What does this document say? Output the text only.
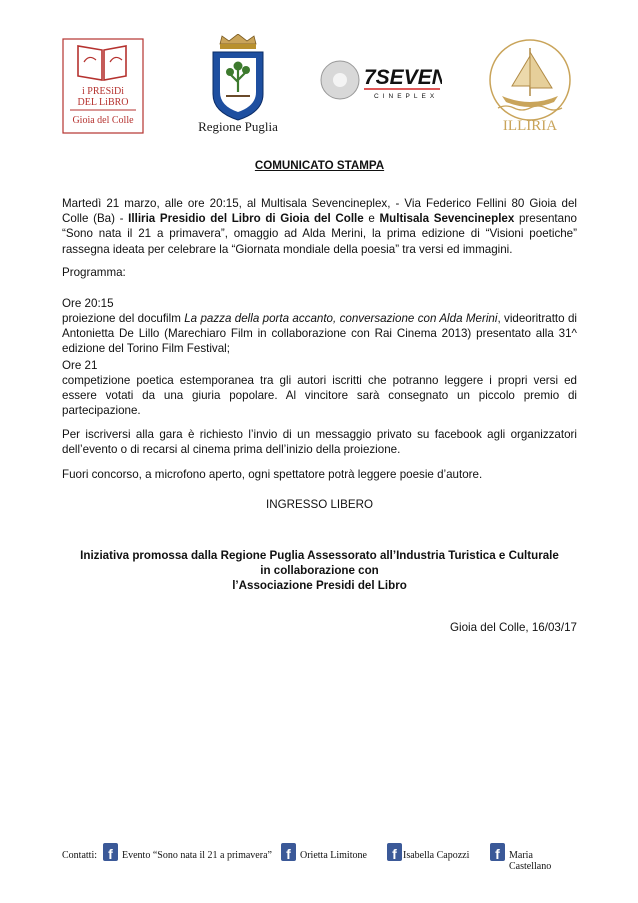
i PRESiDi
DEL LiBRO
Gioia del Colle	Regione Puglia
7SEVEN
CINEPLEX
ILLIRIA
COMUNICATO STAMPA
Martedì 21 marzo, alle ore 20:15, al Multisala Sevencineplex, - Via Federico Fellini 80 Gioia del Colle (Ba) - Illiria Presidio del Libro di Gioia del Colle e Multisala Sevencineplex presentano “Sono nata il 21 a primavera”, omaggio ad Alda Merini, la prima edizione di “Visioni poetiche” rassegna ideata per celebrare la “Giornata mondiale della poesia” tra versi ed immagini.
Programma:
Ore 20:15
proiezione del docufilm La pazza della porta accanto, conversazione con Alda Merini, videoritratto di Antonietta De Lillo (Marechiaro Film in collaborazione con Rai Cinema 2013) presentato alla 31^ edizione del Torino Film Festival;
Ore 21
competizione poetica estemporanea tra gli autori iscritti che potranno leggere i propri versi ed essere votati da una giuria popolare. Al vincitore sarà consegnato un piccolo premio di partecipazione.
Per iscriversi alla gara è richiesto l’invio di un messaggio privato su facebook agli organizzatori dell’evento o di recarsi al cinema prima dell’inizio della proiezione.
Fuori concorso, a microfono aperto, ogni spettatore potrà leggere poesie d’autore.
INGRESSO LIBERO
Iniziativa promossa dalla Regione Puglia Assessorato all’Industria Turistica e Culturale
in collaborazione con
l’Associazione Presidi del Libro
Gioia del Colle, 16/03/17
Contatti: f Evento “Sono nata il 21 a primavera”	f Orietta Limitone	f Isabella Capozzi	f Maria Castellano
